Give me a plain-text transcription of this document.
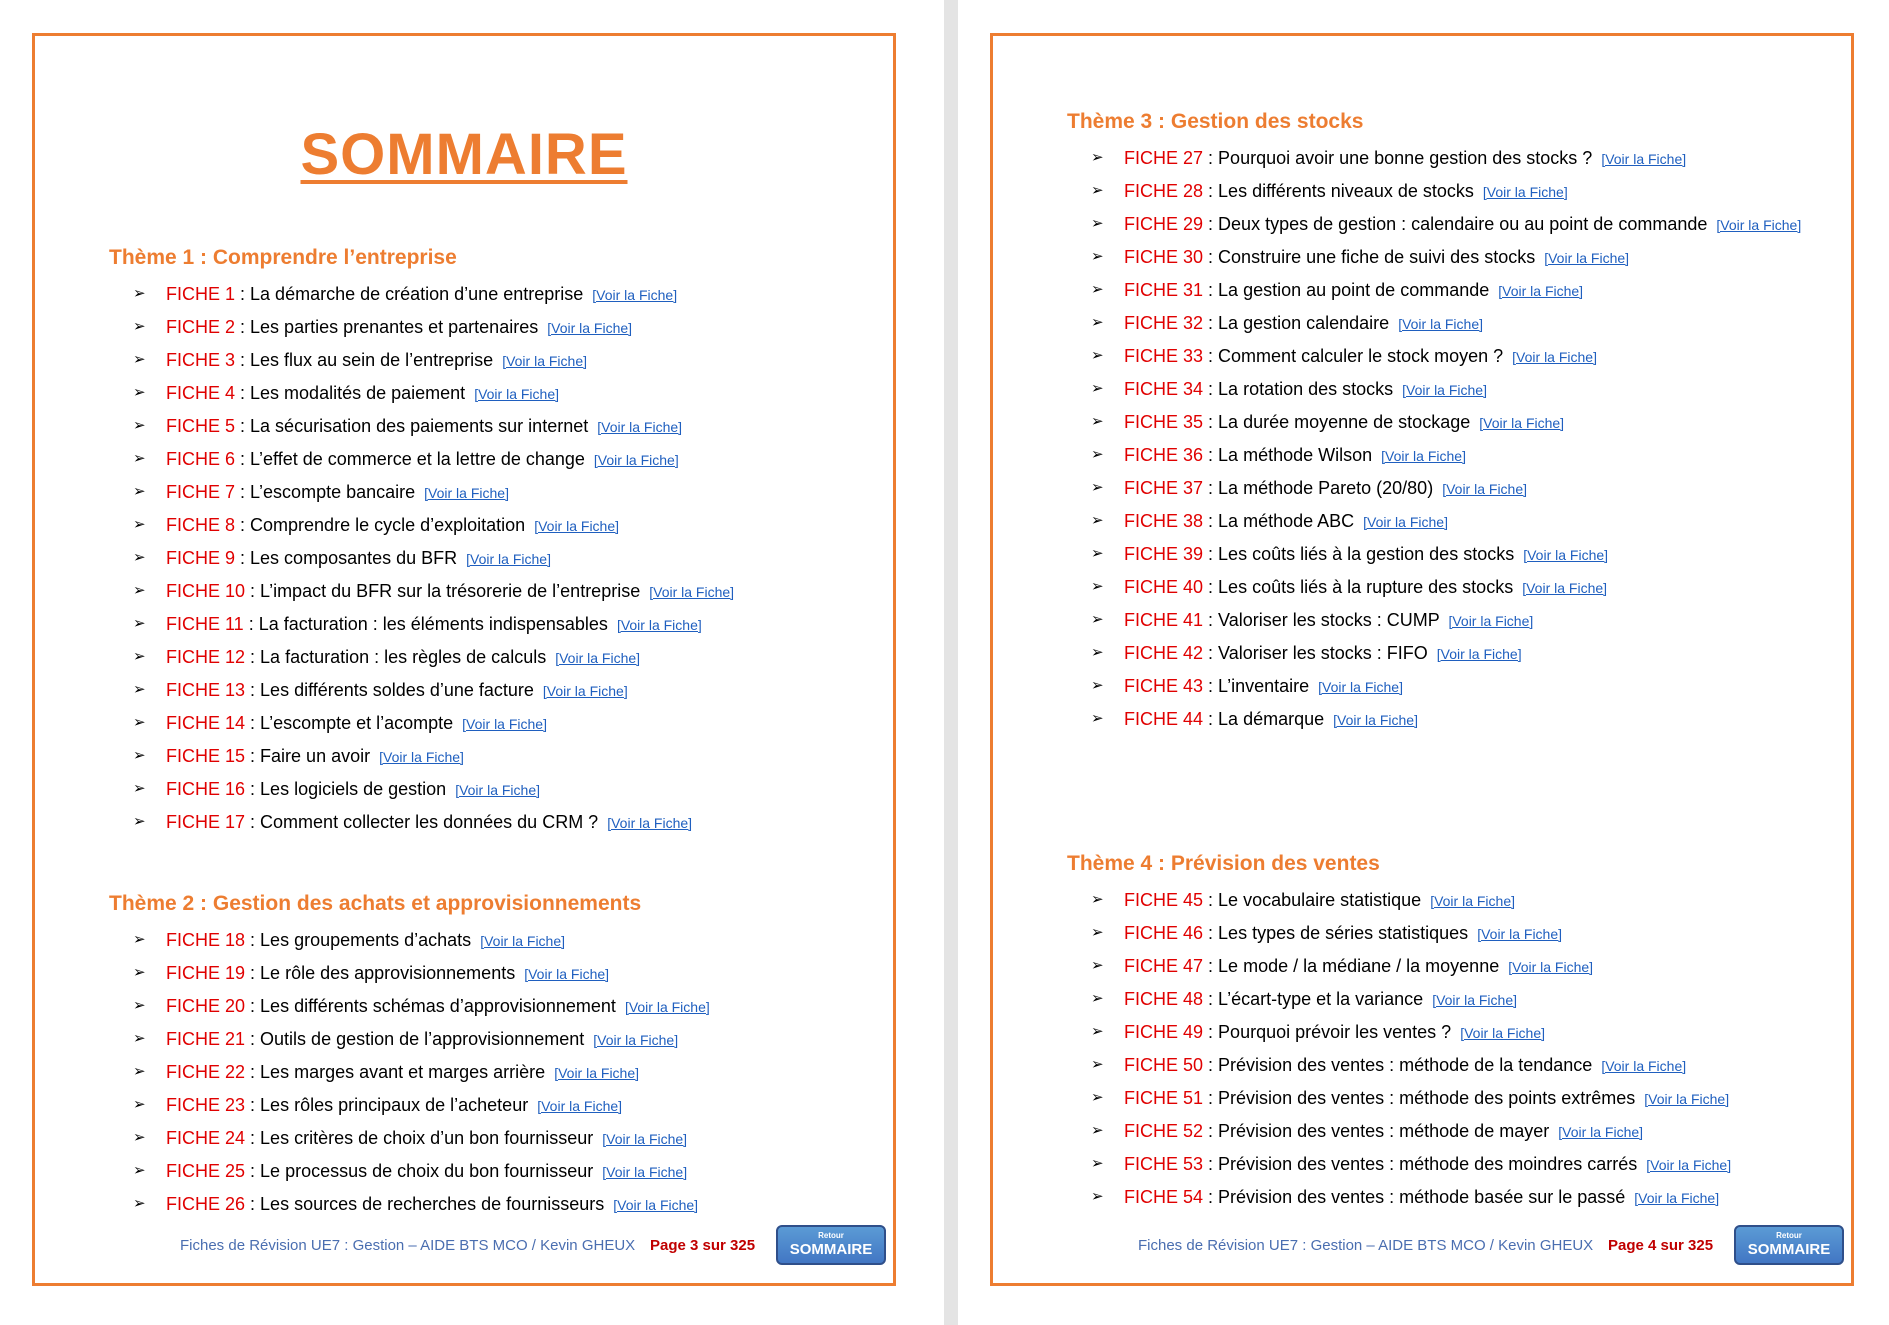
SOMMAIRE
Thème 1 : Comprendre l’entreprise
➢ FICHE 1 : La démarche de création d’une entreprise [Voir la Fiche]
➢ FICHE 2 : Les parties prenantes et partenaires [Voir la Fiche]
➢ FICHE 3 : Les flux au sein de l’entreprise [Voir la Fiche]
➢ FICHE 4 : Les modalités de paiement [Voir la Fiche]
➢ FICHE 5 : La sécurisation des paiements sur internet [Voir la Fiche]
➢ FICHE 6 : L’effet de commerce et la lettre de change [Voir la Fiche]
➢ FICHE 7 : L’escompte bancaire [Voir la Fiche]
➢ FICHE 8 : Comprendre le cycle d’exploitation [Voir la Fiche]
➢ FICHE 9 : Les composantes du BFR [Voir la Fiche]
➢ FICHE 10 : L’impact du BFR sur la trésorerie de l’entreprise [Voir la Fiche]
➢ FICHE 11 : La facturation : les éléments indispensables [Voir la Fiche]
➢ FICHE 12 : La facturation : les règles de calculs [Voir la Fiche]
➢ FICHE 13 : Les différents soldes d’une facture [Voir la Fiche]
➢ FICHE 14 : L’escompte et l’acompte [Voir la Fiche]
➢ FICHE 15 : Faire un avoir [Voir la Fiche]
➢ FICHE 16 : Les logiciels de gestion [Voir la Fiche]
➢ FICHE 17 : Comment collecter les données du CRM ? [Voir la Fiche]
Thème 2 : Gestion des achats et approvisionnements
➢ FICHE 18 : Les groupements d’achats [Voir la Fiche]
➢ FICHE 19 : Le rôle des approvisionnements [Voir la Fiche]
➢ FICHE 20 : Les différents schémas d’approvisionnement [Voir la Fiche]
➢ FICHE 21 : Outils de gestion de l’approvisionnement [Voir la Fiche]
➢ FICHE 22 : Les marges avant et marges arrière [Voir la Fiche]
➢ FICHE 23 : Les rôles principaux de l’acheteur [Voir la Fiche]
➢ FICHE 24 : Les critères de choix d’un bon fournisseur [Voir la Fiche]
➢ FICHE 25 : Le processus de choix du bon fournisseur [Voir la Fiche]
➢ FICHE 26 : Les sources de recherches de fournisseurs [Voir la Fiche]
Fiches de Révision UE7 : Gestion – AIDE BTS MCO / Kevin GHEUX Page 3 sur 325
Retour
SOMMAIRE
Thème 3 : Gestion des stocks
➢ FICHE 27 : Pourquoi avoir une bonne gestion des stocks ? [Voir la Fiche]
➢ FICHE 28 : Les différents niveaux de stocks [Voir la Fiche]
➢ FICHE 29 : Deux types de gestion : calendaire ou au point de commande [Voir la Fiche]
➢ FICHE 30 : Construire une fiche de suivi des stocks [Voir la Fiche]
➢ FICHE 31 : La gestion au point de commande [Voir la Fiche]
➢ FICHE 32 : La gestion calendaire [Voir la Fiche]
➢ FICHE 33 : Comment calculer le stock moyen ? [Voir la Fiche]
➢ FICHE 34 : La rotation des stocks [Voir la Fiche]
➢ FICHE 35 : La durée moyenne de stockage [Voir la Fiche]
➢ FICHE 36 : La méthode Wilson [Voir la Fiche]
➢ FICHE 37 : La méthode Pareto (20/80) [Voir la Fiche]
➢ FICHE 38 : La méthode ABC [Voir la Fiche]
➢ FICHE 39 : Les coûts liés à la gestion des stocks [Voir la Fiche]
➢ FICHE 40 : Les coûts liés à la rupture des stocks [Voir la Fiche]
➢ FICHE 41 : Valoriser les stocks : CUMP [Voir la Fiche]
➢ FICHE 42 : Valoriser les stocks : FIFO [Voir la Fiche]
➢ FICHE 43 : L’inventaire [Voir la Fiche]
➢ FICHE 44 : La démarque [Voir la Fiche]
Thème 4 : Prévision des ventes
➢ FICHE 45 : Le vocabulaire statistique [Voir la Fiche]
➢ FICHE 46 : Les types de séries statistiques [Voir la Fiche]
➢ FICHE 47 : Le mode / la médiane / la moyenne [Voir la Fiche]
➢ FICHE 48 : L’écart-type et la variance [Voir la Fiche]
➢ FICHE 49 : Pourquoi prévoir les ventes ? [Voir la Fiche]
➢ FICHE 50 : Prévision des ventes : méthode de la tendance [Voir la Fiche]
➢ FICHE 51 : Prévision des ventes : méthode des points extrêmes [Voir la Fiche]
➢ FICHE 52 : Prévision des ventes : méthode de mayer [Voir la Fiche]
➢ FICHE 53 : Prévision des ventes : méthode des moindres carrés [Voir la Fiche]
➢ FICHE 54 : Prévision des ventes : méthode basée sur le passé [Voir la Fiche]
Fiches de Révision UE7 : Gestion – AIDE BTS MCO / Kevin GHEUX Page 4 sur 325
Retour
SOMMAIRE
